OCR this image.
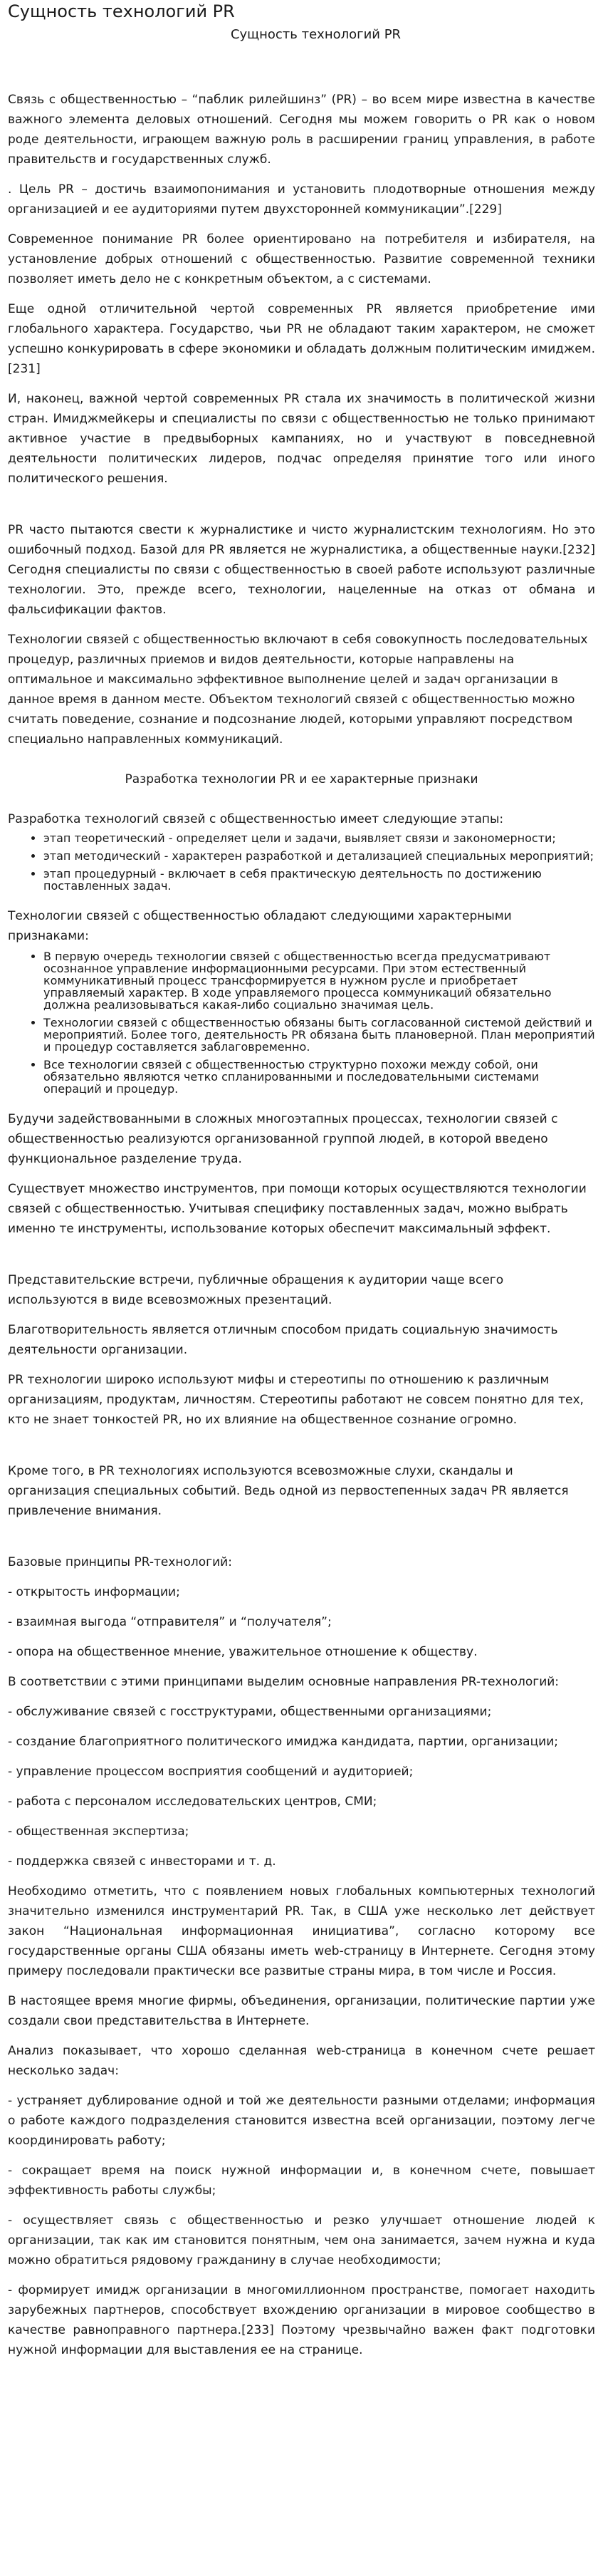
Сущность технологий PR
Сущность технологий PR

Связь с общественностью – “паблик рилейшинз” (PR) – во всем мире известна в качестве важного элемента деловых отношений. Сегодня мы можем говорить о PR как о новом роде деятельности, играющем важную роль в расширении границ управления, в работе правительств и государственных служб.

. Цель PR – достичь взаимопонимания и установить плодотворные отношения между организацией и ее аудиториями путем двухсторонней коммуникации”.[229]

Современное понимание PR более ориентировано на потребителя и избирателя, на установление добрых отношений с общественностью. Развитие современной техники позволяет иметь дело не с конкретным объектом, а с системами.

Еще одной отличительной чертой современных PR является приобретение ими глобального характера. Государство, чьи PR не обладают таким характером, не сможет успешно конкурировать в сфере экономики и обладать должным политическим имиджем. [231]

И, наконец, важной чертой современных PR стала их значимость в политической жизни стран. Имиджмейкеры и специалисты по связи с общественностью не только принимают активное участие в предвыборных кампаниях, но и участвуют в повседневной деятельности политических лидеров, подчас определяя принятие того или иного политического решения.

PR часто пытаются свести к журналистике и чисто журналистским технологиям. Но это ошибочный подход. Базой для PR является не журналистика, а общественные науки.[232] Сегодня специалисты по связи с общественностью в своей работе используют различные технологии. Это, прежде всего, технологии, нацеленные на отказ от обмана и фальсификации фактов.

Технологии связей с общественностью включают в себя совокупность последовательных процедур, различных приемов и видов деятельности, которые направлены на оптимальное и максимально эффективное выполнение целей и задач организации в данное время в данном месте. Объектом технологий связей с общественностью можно считать поведение, сознание и подсознание людей, которыми управляют посредством специально направленных коммуникаций.

Разработка технологии PR и ее характерные признаки

Разработка технологий связей с общественностью имеет следующие этапы:

• этап теоретический - определяет цели и задачи, выявляет связи и закономерности;
• этап методический - характерен разработкой и детализацией специальных мероприятий;
• этап процедурный - включает в себя практическую деятельность по достижению поставленных задач.

Технологии связей с общественностью обладают следующими характерными признаками:

• В первую очередь технологии связей с общественностью всегда предусматривают осознанное управление информационными ресурсами. При этом естественный коммуникативный процесс трансформируется в нужном русле и приобретает управляемый характер. В ходе управляемого процесса коммуникаций обязательно должна реализовываться какая-либо социально значимая цель.
• Технологии связей с общественностью обязаны быть согласованной системой действий и мероприятий. Более того, деятельность PR обязана быть плановерной. План мероприятий и процедур составляется заблаговременно.
• Все технологии связей с общественностью структурно похожи между собой, они обязательно являются четко спланированными и последовательными системами операций и процедур.

Будучи задействованными в сложных многоэтапных процессах, технологии связей с общественностью реализуются организованной группой людей, в которой введено функциональное разделение труда.

Существует множество инструментов, при помощи которых осуществляются технологии связей с общественностью. Учитывая специфику поставленных задач, можно выбрать именно те инструменты, использование которых обеспечит максимальный эффект.

Представительские встречи, публичные обращения к аудитории чаще всего используются в виде всевозможных презентаций.

Благотворительность является отличным способом придать социальную значимость деятельности организации.

PR технологии широко используют мифы и стереотипы по отношению к различным организациям, продуктам, личностям. Стереотипы работают не совсем понятно для тех, кто не знает тонкостей PR, но их влияние на общественное сознание огромно.

Кроме того, в PR технологиях используются всевозможные слухи, скандалы и организация специальных событий. Ведь одной из первостепенных задач PR является привлечение внимания.

Базовые принципы PR-технологий:

- открытость информации;

- взаимная выгода “отправителя” и “получателя”;

- опора на общественное мнение, уважительное отношение к обществу.

В соответствии с этими принципами выделим основные направления PR-технологий:

- обслуживание связей с госструктурами, общественными организациями;

- создание благоприятного политического имиджа кандидата, партии, организации;

- управление процессом восприятия сообщений и аудиторией;

- работа с персоналом исследовательских центров, СМИ;

- общественная экспертиза;

- поддержка связей с инвесторами и т. д.

Необходимо отметить, что с появлением новых глобальных компьютерных технологий значительно изменился инструментарий PR. Так, в США уже несколько лет действует закон “Национальная информационная инициатива”, согласно которому все государственные органы США обязаны иметь web-страницу в Интернете. Сегодня этому примеру последовали практически все развитые страны мира, в том числе и Россия.

В настоящее время многие фирмы, объединения, организации, политические партии уже создали свои представительства в Интернете.

Анализ показывает, что хорошо сделанная web-страница в конечном счете решает несколько задач:

- устраняет дублирование одной и той же деятельности разными отделами; информация о работе каждого подразделения становится известна всей организации, поэтому легче координировать работу;

- сокращает время на поиск нужной информации и, в конечном счете, повышает эффективность работы службы;

- осуществляет связь с общественностью и резко улучшает отношение людей к организации, так как им становится понятным, чем она занимается, зачем нужна и куда можно обратиться рядовому гражданину в случае необходимости;

- формирует имидж организации в многомиллионном пространстве, помогает находить зарубежных партнеров, способствует вхождению организации в мировое сообщество в качестве равноправного партнера.[233] Поэтому чрезвычайно важен факт подготовки нужной информации для выставления ее на странице.
